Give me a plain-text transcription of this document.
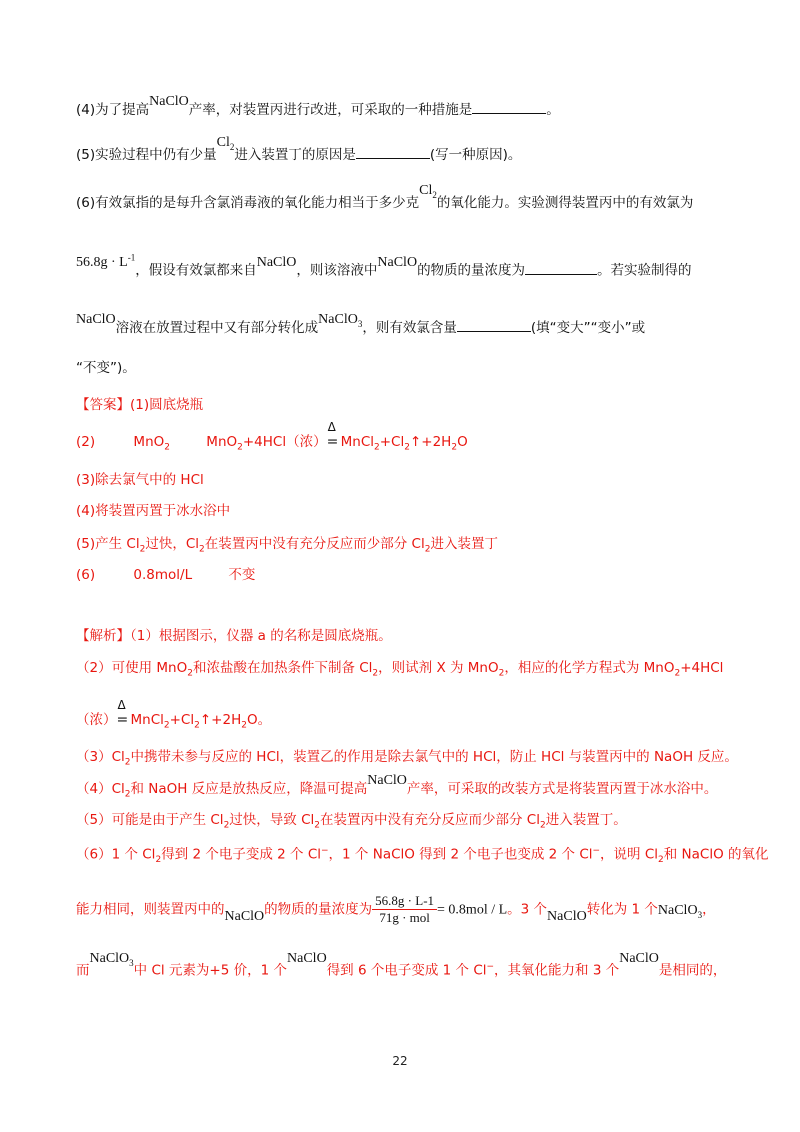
(4)为了提高NaClO产率，对装置丙进行改进，可采取的一种措施是	。
(5)实验过程中仍有少量$Cl_2$进入装置丁的原因是	(写一种原因)。
(6)有效氯指的是每升含氯消毒液的氧化能力相当于多少克$Cl_2$的氧化能力。实验测得装置丙中的有效氯为
$56.8g \cdot L^{-1}$，假设有效氯都来自NaClO，则该溶液中NaClO的物质的量浓度为	。若实验制得的
NaClO溶液在放置过程中又有部分转化成NaClO$_3$，则有效氯含量	(填“变大”“变小”或
“不变”)。
【答案】(1)圆底烧瓶
(2)	MnO$_2$	MnO$_2$+4HCl（浓）
Δ
= $MnCl_2+Cl_2↑+2H_2O$
(3)除去氯气中的 HCl
(4)将装置丙置于冰水浴中
(5)产生 $Cl_2$过快，$Cl_2$在装置丙中没有充分反应而少部分 $Cl_2$进入装置丁
(6)	0.8mol/L	不变
【解析】（1）根据图示，仪器 a 的名称是圆底烧瓶。
（2）可使用 MnO$_2$和浓盐酸在加热条件下制备 $Cl_2$，则试剂 X 为 MnO$_2$，相应的化学方程式为 MnO$_2$+4HCl
（浓）
Δ
= $MnCl_2+Cl_2↑+2H_2O$。
$(3)Cl_2$中携带未参与反应的 HCl，装置乙的作用是除去氯气中的 HCl，防止 HCl 与装置丙中的 NaOH 反应。
$(4)Cl_2$和 NaOH 反应是放热反应，降温可提高NaClO产率，可采取的改装方式是将装置丙置于冰水浴中。
（5）可能是由于产生 $Cl_2$过快，导致 $Cl_2$在装置丙中没有充分反应而少部分 $Cl_2$进入装置丁。
（6）1 个 $Cl_2$得到 2 个电子变成 2 个 Cl−，1 个 NaClO 得到 2 个电子也变成 2 个 Cl−，说明 $Cl_2$和 NaClO 的氧化
能力相同，则装置丙中的NaClO的物质的量浓度为 $\frac{56.8g \cdot L-1}{\text{71g · mol}} = 0.8mol / L$。3 个NaClO转化为 1 个NaClO$_3$，
而NaClO$_3$中 Cl 元素为+5 价，1 个NaClO得到 6 个电子变成 1 个 Cl−，其氧化能力和 3 个NaClO是相同的，
22
